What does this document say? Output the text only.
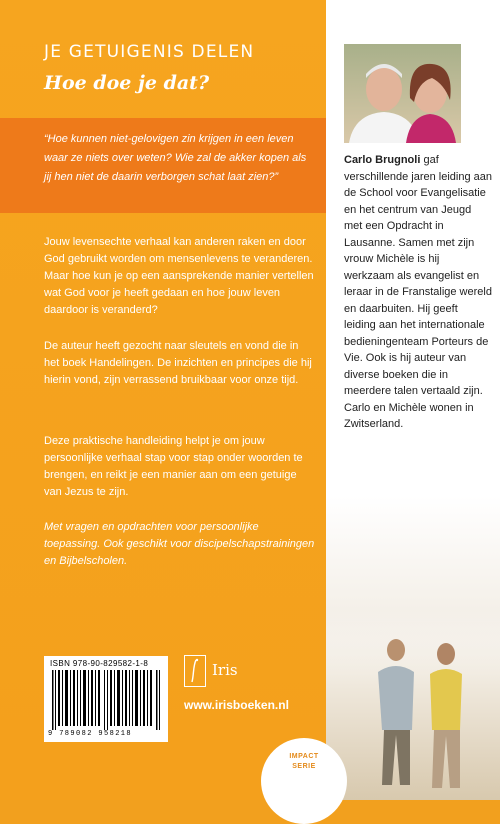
JE GETUIGENIS DELEN
Hoe doe je dat?
“Hoe kunnen niet-gelovigen zin krijgen in een leven waar ze niets over weten? Wie zal de akker kopen als jij hen niet de daarin verborgen schat laat zien?”
Jouw levensechte verhaal kan anderen raken en door God gebruikt worden om mensenlevens te veranderen. Maar hoe kun je op een aansprekende manier vertellen wat God voor je heeft gedaan en hoe jouw leven daardoor is veranderd?
De auteur heeft gezocht naar sleutels en vond die in het boek Handelingen. De inzichten en principes die hij hierin vond, zijn verrassend bruikbaar voor onze tijd.
Deze praktische handleiding helpt je om jouw persoonlijke verhaal stap voor stap onder woorden te brengen, en reikt je een manier aan om een getuige van Jezus te zijn.
Met vragen en opdrachten voor persoonlijke toepassing. Ook geschikt voor discipelschapstrainingen en Bijbelscholen.
ISBN 978-90-829582-1-8
9 789082 958218
Iris
www.irisboeken.nl
Carlo Brugnoli gaf verschillende jaren leiding aan de School voor Evangelisatie en het centrum van Jeugd met een Opdracht in Lausanne. Samen met zijn vrouw Michèle is hij werkzaam als evangelist en leraar in de Franstalige wereld en daarbuiten. Hij geeft leiding aan het internationale bedieningenteam Porteurs de Vie. Ook is hij auteur van diverse boeken die in meerdere talen vertaald zijn. Carlo en Michèle wonen in Zwitserland.
IMPACT
SERIE
